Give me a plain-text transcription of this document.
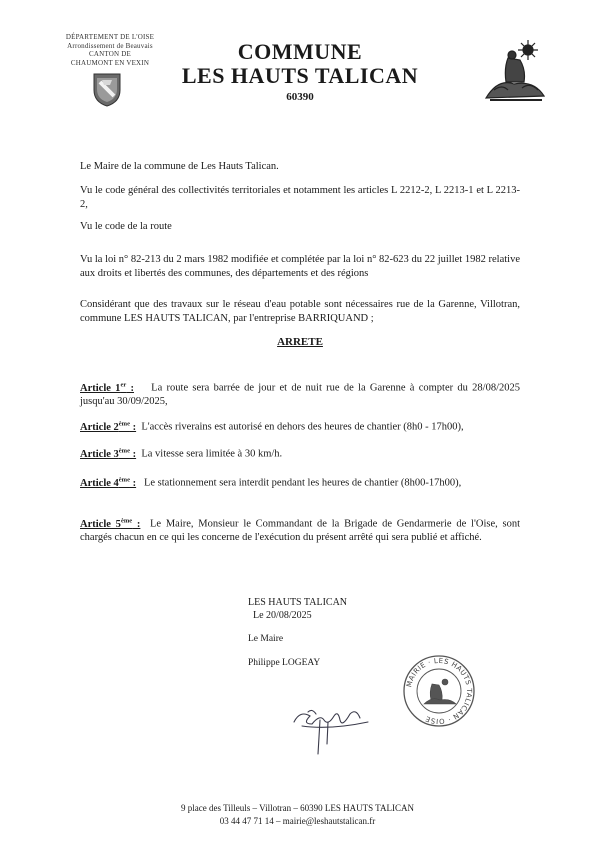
DÉPARTEMENT DE L'OISE
Arrondissement de Beauvais
CANTON DE
CHAUMONT EN VEXIN	COMMUNE
LES HAUTS TALICAN
60390
Le Maire de la commune de Les Hauts Talican.
Vu le code général des collectivités territoriales et notamment les articles L 2212-2, L 2213-1 et L 2213-2,
Vu le code de la route
Vu la loi n° 82-213 du 2 mars 1982 modifiée et complétée par la loi n° 82-623 du 22 juillet 1982 relative aux droits et libertés des communes, des départements et des régions
Considérant que des travaux sur le réseau d'eau potable sont nécessaires rue de la Garenne, Villotran, commune LES HAUTS TALICAN, par l'entreprise BARRIQUAND ;
ARRETE
Article 1er : La route sera barrée de jour et de nuit rue de la Garenne à compter du 28/08/2025 jusqu'au 30/09/2025,
Article 2ème : L'accès riverains est autorisé en dehors des heures de chantier (8h0 - 17h00),
Article 3ème : La vitesse sera limitée à 30 km/h.
Article 4ème : Le stationnement sera interdit pendant les heures de chantier (8h00-17h00),
Article 5ème : Le Maire, Monsieur le Commandant de la Brigade de Gendarmerie de l'Oise, sont chargés chacun en ce qui les concerne de l'exécution du présent arrêté qui sera publié et affiché.
LES HAUTS TALICAN
Le 20/08/2025
Le Maire
Philippe LOGEAY
MAIRIE · LES HAUTS TALICAN · OISE
9 place des Tilleuls – Villotran – 60390 LES HAUTS TALICAN
03 44 47 71 14 – mairie@leshautstalican.fr
